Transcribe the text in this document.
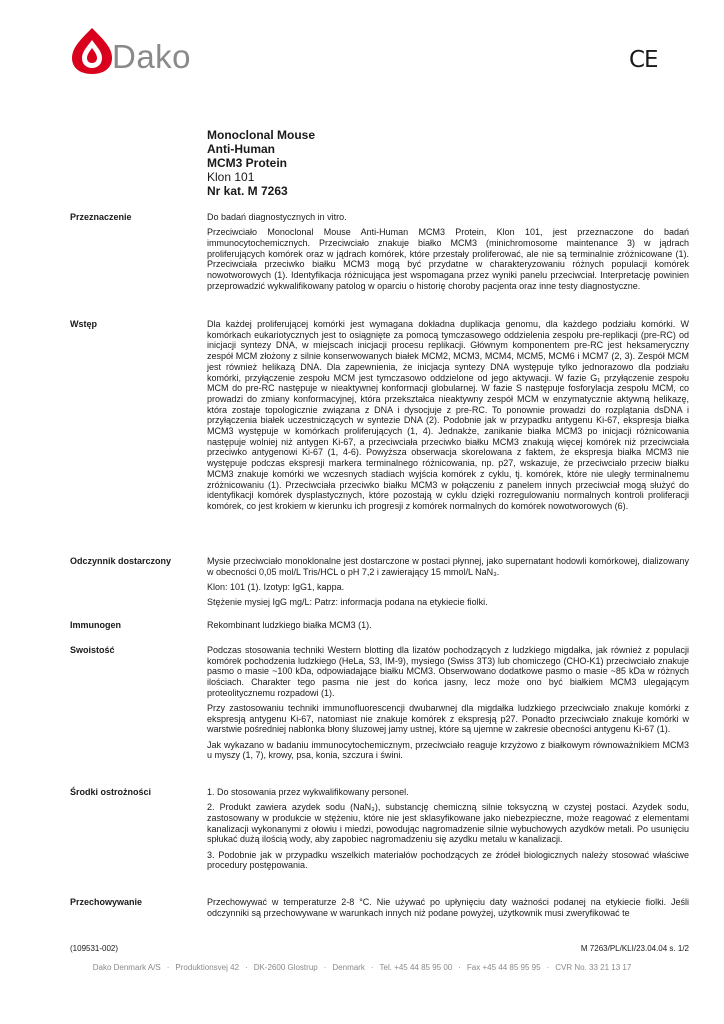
Dako	CE
Monoclonal Mouse
Anti-Human
MCM3 Protein
Klon 101
Nr kat. M 7263
Przeznaczenie	Do badań diagnostycznych in vitro.

Przeciwciało Monoclonal Mouse Anti-Human MCM3 Protein, Klon 101, jest przeznaczone do badań immunocytochemicznych. Przeciwciało znakuje białko MCM3 (minichromosome maintenance 3) w jądrach proliferujących komórek oraz w jądrach komórek, które przestały proliferować, ale nie są terminalnie zróżnicowane (1). Przeciwciała przeciwko białku MCM3 mogą być przydatne w charakteryzowaniu różnych populacji komórek nowotworowych (1). Identyfikacja różnicująca jest wspomagana przez wyniki panelu przeciwciał. Interpretację powinien przeprowadzić wykwalifikowany patolog w oparciu o historię choroby pacjenta oraz inne testy diagnostyczne.

Wstęp	Dla każdej proliferującej komórki jest wymagana dokładna duplikacja genomu, dla każdego podziału komórki. W komórkach eukariotycznych jest to osiągnięte za pomocą tymczasowego oddzielenia zespołu pre-replikacji (pre-RC) od inicjacji syntezy DNA, w miejscach inicjacji procesu replikacji. Głównym komponentem pre-RC jest heksameryczny zespół MCM złożony z silnie konserwowanych białek MCM2, MCM3, MCM4, MCM5, MCM6 i MCM7 (2, 3). Zespół MCM jest również helikazą DNA. Dla zapewnienia, że inicjacja syntezy DNA występuje tylko jednorazowo dla podziału komórki, przyłączenie zespołu MCM jest tymczasowo oddzielone od jego aktywacji. W fazie G₁ przyłączenie zespołu MCM do pre-RC następuje w nieaktywnej konformacji globularnej. W fazie S następuje fosforylacja zespołu MCM, co prowadzi do zmiany konformacyjnej, która przekształca nieaktywny zespół MCM w enzymatycznie aktywną helikazę, która zostaje topologicznie związana z DNA i dysocjuje z pre-RC. To ponownie prowadzi do rozplątania dsDNA i przyłączenia białek uczestniczących w syntezie DNA (2). Podobnie jak w przypadku antygenu Ki-67, ekspresja białka MCM3 występuje w komórkach proliferujących (1, 4). Jednakże, zanikanie białka MCM3 po inicjacji różnicowania następuje wolniej niż antygen Ki-67, a przeciwciała przeciwko białku MCM3 znakują więcej komórek niż przeciwciała przeciwko antygenowi Ki-67 (1, 4-6). Powyższa obserwacja skorelowana z faktem, że ekspresja białka MCM3 nie występuje podczas ekspresji markera terminalnego różnicowania, np. p27, wskazuje, że przeciwciało przeciw białku MCM3 znakuje komórki we wczesnych stadiach wyjścia komórek z cyklu, tj. komórek, które nie uległy terminalnemu zróżnicowaniu (1). Przeciwciała przeciwko białku MCM3 w połączeniu z panelem innych przeciwciał mogą służyć do identyfikacji komórek dysplastycznych, które pozostają w cyklu dzięki rozregulowaniu normalnych kontroli proliferacji komórek, co jest krokiem w kierunku ich progresji z komórek normalnych do komórek nowotworowych (6).

Odczynnik dostarczony	Mysie przeciwciało monoklonalne jest dostarczone w postaci płynnej, jako supernatant hodowli komórkowej, dializowany w obecności 0,05 mol/L Tris/HCL o pH 7,2 i zawierający 15 mmol/L NaN₃.

Klon: 101 (1). Izotyp: IgG1, kappa.

Stężenie mysiej IgG mg/L: Patrz: informacja podana na etykiecie fiolki.

Immunogen	Rekombinant ludzkiego białka MCM3 (1).

Swoistość	Podczas stosowania techniki Western blotting dla lizatów pochodzących z ludzkiego migdałka, jak również z populacji komórek pochodzenia ludzkiego (HeLa, S3, IM-9), mysiego (Swiss 3T3) lub chomiczego (CHO-K1) przeciwciało znakuje pasmo o masie ~100 kDa, odpowiadające białku MCM3. Obserwowano dodatkowe pasmo o masie ~85 kDa w różnych ilościach. Charakter tego pasma nie jest do końca jasny, lecz może ono być białkiem MCM3 ulegającym proteolitycznemu rozpadowi (1).

Przy zastosowaniu techniki immunofluorescencji dwubarwnej dla migdałka ludzkiego przeciwciało znakuje komórki z ekspresją antygenu Ki-67, natomiast nie znakuje komórek z ekspresją p27. Ponadto przeciwciało znakuje komórki w warstwie pośredniej nabłonka błony śluzowej jamy ustnej, które są ujemne w zakresie obecności antygenu Ki-67 (1).

Jak wykazano w badaniu immunocytochemicznym, przeciwciało reaguje krzyżowo z białkowym równoważnikiem MCM3 u myszy (1, 7), krowy, psa, konia, szczura i świni.

Środki ostrożności	1. Do stosowania przez wykwalifikowany personel.

2. Produkt zawiera azydek sodu (NaN₃), substancję chemiczną silnie toksyczną w czystej postaci. Azydek sodu, zastosowany w produkcie w stężeniu, które nie jest sklasyfikowane jako niebezpieczne, może reagować z elementami kanalizacji wykonanymi z ołowiu i miedzi, powodując nagromadzenie silnie wybuchowych azydków metali. Po usunięciu spłukać dużą ilością wody, aby zapobiec nagromadzeniu się azydku metalu w kanalizacji.

3. Podobnie jak w przypadku wszelkich materiałów pochodzących ze źródeł biologicznych należy stosować właściwe procedury postępowania.

Przechowywanie	Przechowywać w temperaturze 2-8 °C. Nie używać po upłynięciu daty ważności podanej na etykiecie fiolki. Jeśli odczynniki są przechowywane w warunkach innych niż podane powyżej, użytkownik musi zweryfikować te

(109531-002)	M 7263/PL/KLI/23.04.04 s. 1/2
Dako Denmark A/S · Produktionsvej 42 · DK-2600 Glostrup · Denmark · Tel. +45 44 85 95 00 · Fax +45 44 85 95 95 · CVR No. 33 21 13 17
